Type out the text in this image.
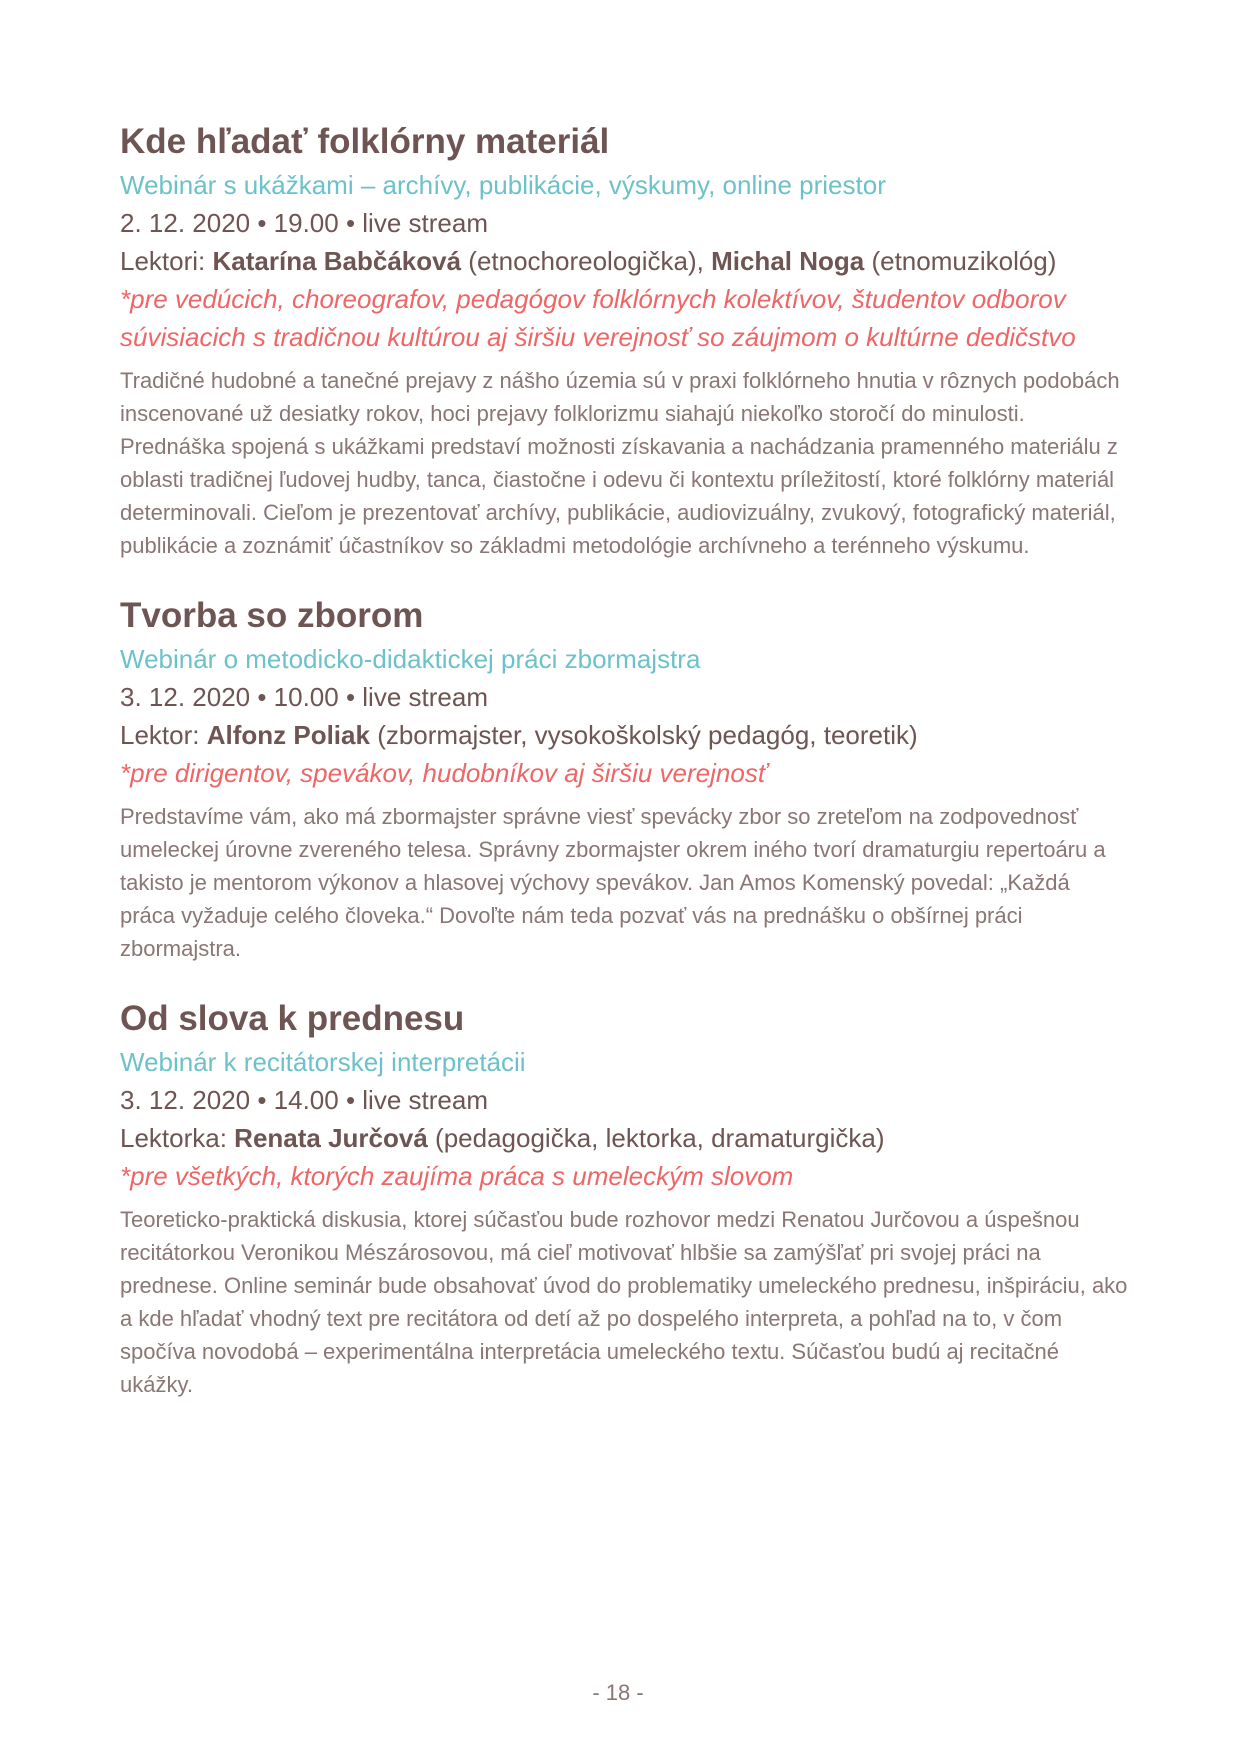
Kde hľadať folklórny materiál

Webinár s ukážkami – archívy, publikácie, výskumy, online priestor

2. 12. 2020 • 19.00 • live stream

Lektori: Katarína Babčáková (etnochoreologička), Michal Noga (etnomuzikológ)

*pre vedúcich, choreografov, pedagógov folklórnych kolektívov, študentov odborov súvisiacich s tradičnou kultúrou aj širšiu verejnosť so záujmom o kultúrne dedičstvo

Tradičné hudobné a tanečné prejavy z nášho územia sú v praxi folklórneho hnutia v rôznych podobách inscenované už desiatky rokov, hoci prejavy folklorizmu siahajú niekoľko storočí do minulosti. Prednáška spojená s ukážkami predstaví možnosti získavania a nachádzania pramenného materiálu z oblasti tradičnej ľudovej hudby, tanca, čiastočne i odevu či kontextu príležitostí, ktoré folklórny materiál determinovali. Cieľom je prezentovať archívy, publikácie, audiovizuálny, zvukový, fotografický materiál, publikácie a zoznámiť účastníkov so základmi metodológie archívneho a terénneho výskumu.

Tvorba so zborom

Webinár o metodicko-didaktickej práci zbormajstra

3. 12. 2020 • 10.00 • live stream

Lektor: Alfonz Poliak (zbormajster, vysokoškolský pedagóg, teoretik)

*pre dirigentov, spevákov, hudobníkov aj širšiu verejnosť

Predstavíme vám, ako má zbormajster správne viesť spevácky zbor so zreteľom na zodpovednosť umeleckej úrovne zvereného telesa. Správny zbormajster okrem iného tvorí dramaturgiu repertoáru a takisto je mentorom výkonov a hlasovej výchovy spevákov. Jan Amos Komenský povedal: „Každá práca vyžaduje celého človeka.“ Dovoľte nám teda pozvať vás na prednášku o obšírnej práci zbormajstra.

Od slova k prednesu

Webinár k recitátorskej interpretácii

3. 12. 2020 • 14.00 • live stream

Lektorka: Renata Jurčová (pedagogička, lektorka, dramaturgička)

*pre všetkých, ktorých zaujíma práca s umeleckým slovom

Teoreticko-praktická diskusia, ktorej súčasťou bude rozhovor medzi Renatou Jurčovou a úspešnou recitátorkou Veronikou Mészárosovou, má cieľ motivovať hlbšie sa zamýšľať pri svojej práci na prednese. Online seminár bude obsahovať úvod do problematiky umeleckého prednesu, inšpiráciu, ako a kde hľadať vhodný text pre recitátora od detí až po dospelého interpreta, a pohľad na to, v čom spočíva novodobá – experimentálna interpretácia umeleckého textu. Súčasťou budú aj recitačné ukážky.

- 18 -
